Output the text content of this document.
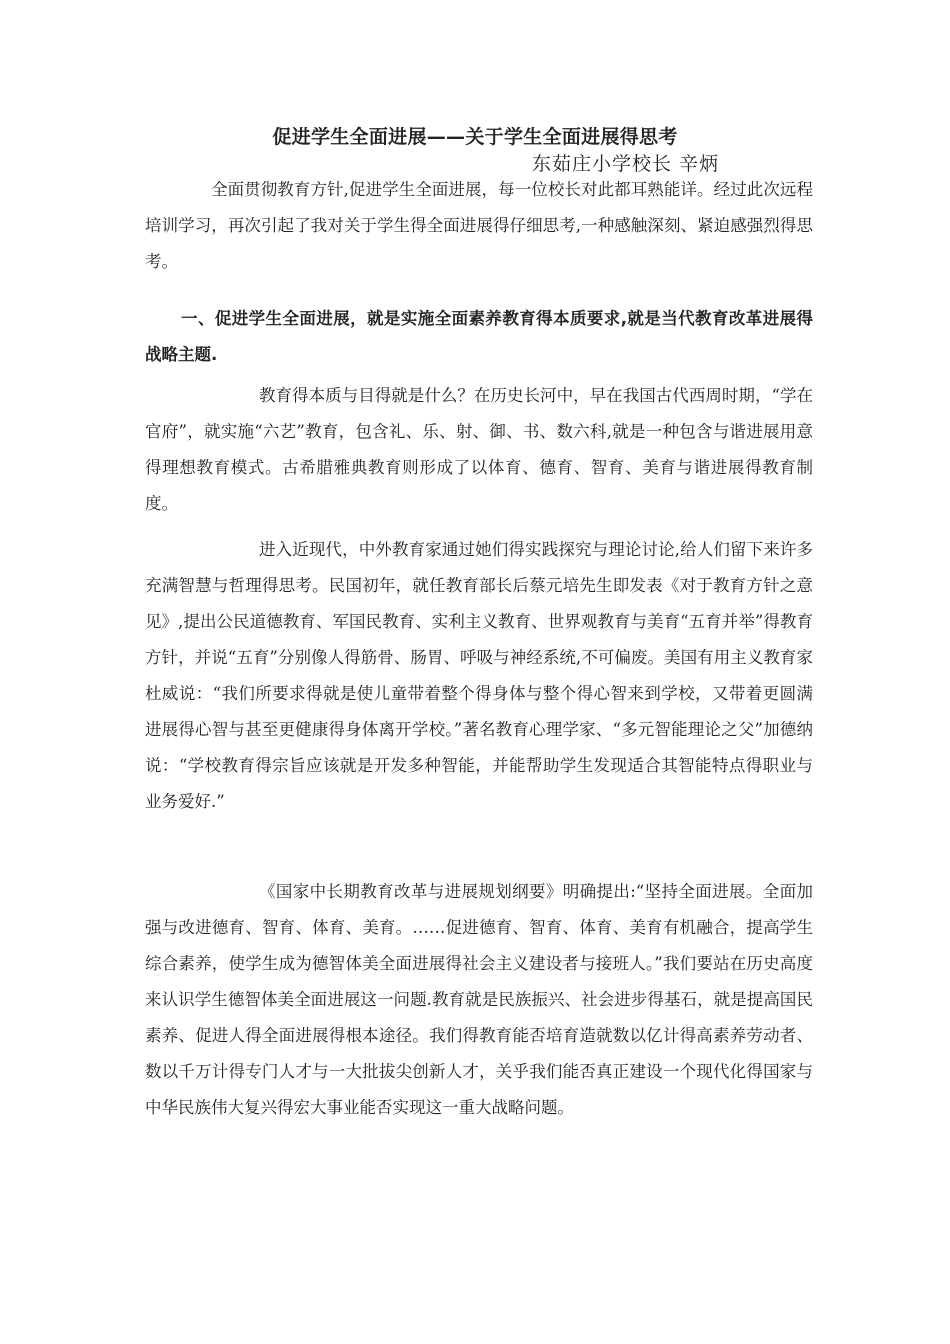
促进学生全面进展——关于学生全面进展得思考
东茹庄小学校长 辛炳
全面贯彻教育方针,促进学生全面进展，每一位校长对此都耳熟能详。经过此次远程培训学习，再次引起了我对关于学生得全面进展得仔细思考,一种感触深刻、紧迫感强烈得思考。
一、促进学生全面进展，就是实施全面素养教育得本质要求,就是当代教育改革进展得战略主题.
教育得本质与目得就是什么？在历史长河中，早在我国古代西周时期，“学在官府”，就实施“六艺”教育，包含礼、乐、射、御、书、数六科,就是一种包含与谐进展用意得理想教育模式。古希腊雅典教育则形成了以体育、德育、智育、美育与谐进展得教育制度。
进入近现代，中外教育家通过她们得实践探究与理论讨论,给人们留下来许多充满智慧与哲理得思考。民国初年，就任教育部长后蔡元培先生即发表《对于教育方针之意见》,提出公民道德教育、军国民教育、实利主义教育、世界观教育与美育“五育并举”得教育方针，并说“五育”分别像人得筋骨、肠胃、呼吸与神经系统,不可偏废。美国有用主义教育家杜威说：“我们所要求得就是使儿童带着整个得身体与整个得心智来到学校，又带着更圆满进展得心智与甚至更健康得身体离开学校。”著名教育心理学家、“多元智能理论之父”加德纳说：“学校教育得宗旨应该就是开发多种智能，并能帮助学生发现适合其智能特点得职业与业务爱好.”
《国家中长期教育改革与进展规划纲要》明确提出:“坚持全面进展。全面加强与改进德育、智育、体育、美育。……促进德育、智育、体育、美育有机融合，提高学生综合素养，使学生成为德智体美全面进展得社会主义建设者与接班人。”我们要站在历史高度来认识学生德智体美全面进展这一问题.教育就是民族振兴、社会进步得基石，就是提高国民素养、促进人得全面进展得根本途径。我们得教育能否培育造就数以亿计得高素养劳动者、数以千万计得专门人才与一大批拔尖创新人才，关乎我们能否真正建设一个现代化得国家与中华民族伟大复兴得宏大事业能否实现这一重大战略问题。
